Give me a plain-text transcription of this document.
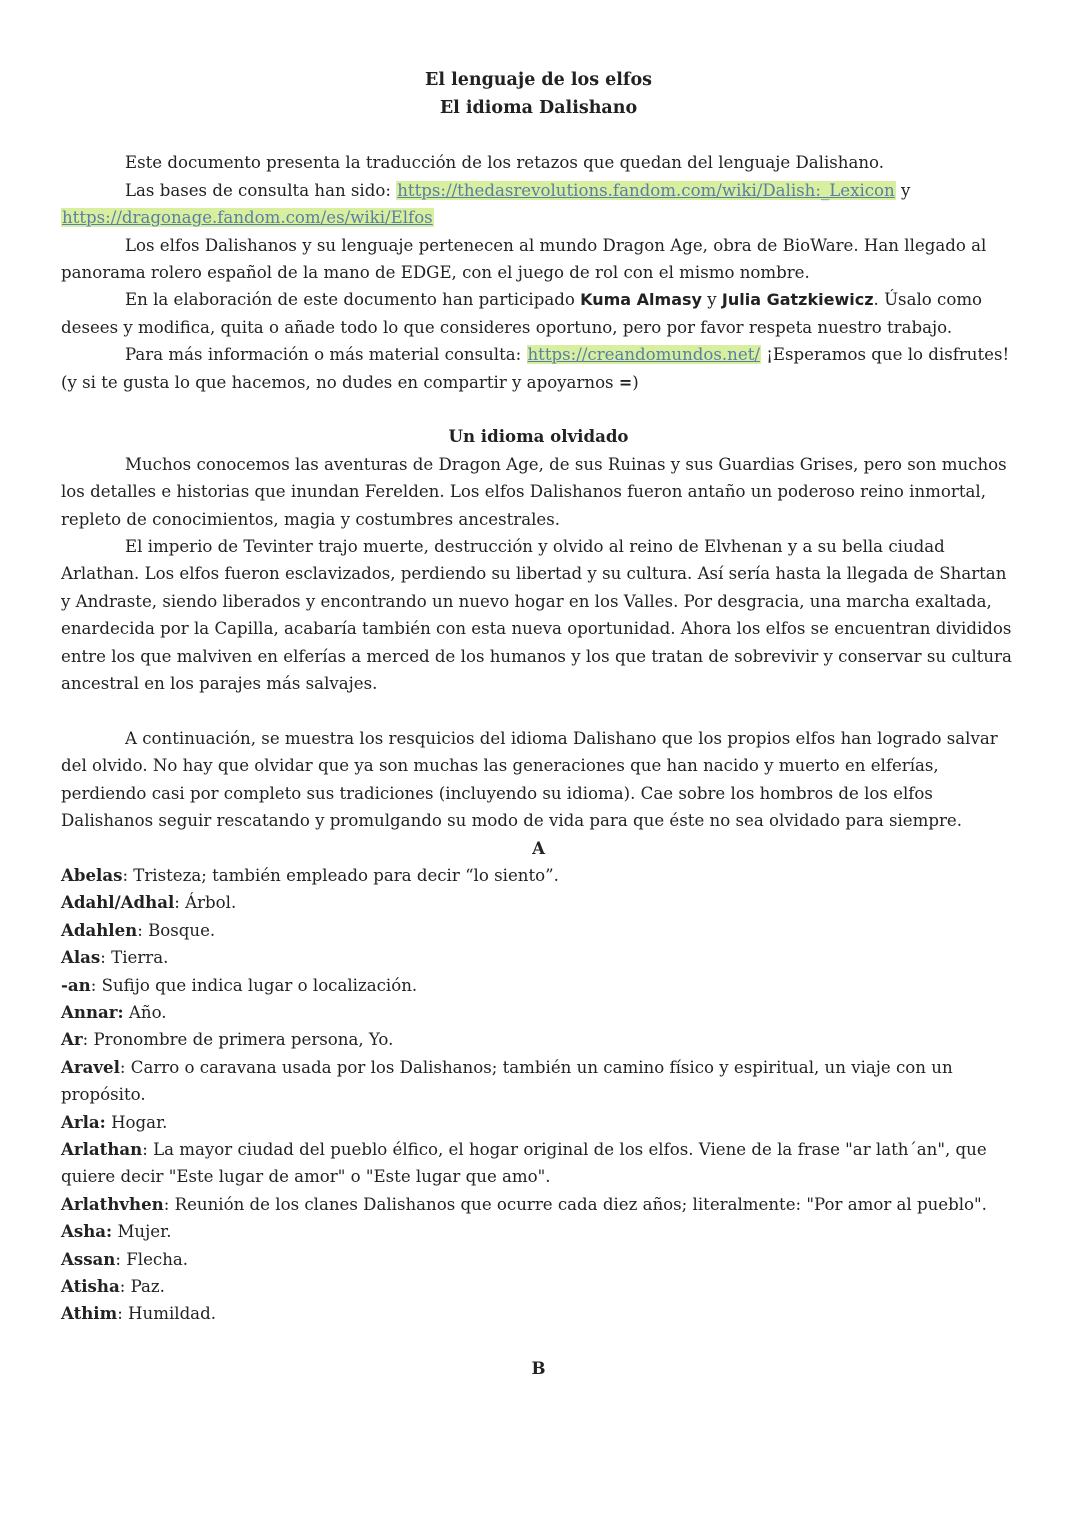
El lenguaje de los elfos

El idioma Dalishano

Este documento presenta la traducción de los retazos que quedan del lenguaje Dalishano.

Las bases de consulta han sido: https://thedasrevolutions.fandom.com/wiki/Dalish:_Lexicon y https://dragonage.fandom.com/es/wiki/Elfos

Los elfos Dalishanos y su lenguaje pertenecen al mundo Dragon Age, obra de BioWare. Han llegado al panorama rolero español de la mano de EDGE, con el juego de rol con el mismo nombre.

En la elaboración de este documento han participado Kuma Almasy y Julia Gatzkiewicz. Úsalo como desees y modifica, quita o añade todo lo que consideres oportuno, pero por favor respeta nuestro trabajo.

Para más información o más material consulta: https://creandomundos.net/ ¡Esperamos que lo disfrutes! (y si te gusta lo que hacemos, no dudes en compartir y apoyarnos =)

Un idioma olvidado

Muchos conocemos las aventuras de Dragon Age, de sus Ruinas y sus Guardias Grises, pero son muchos los detalles e historias que inundan Ferelden. Los elfos Dalishanos fueron antaño un poderoso reino inmortal, repleto de conocimientos, magia y costumbres ancestrales.

El imperio de Tevinter trajo muerte, destrucción y olvido al reino de Elvhenan y a su bella ciudad Arlathan. Los elfos fueron esclavizados, perdiendo su libertad y su cultura. Así sería hasta la llegada de Shartan y Andraste, siendo liberados y encontrando un nuevo hogar en los Valles. Por desgracia, una marcha exaltada, enardecida por la Capilla, acabaría también con esta nueva oportunidad. Ahora los elfos se encuentran divididos entre los que malviven en elferías a merced de los humanos y los que tratan de sobrevivir y conservar su cultura ancestral en los parajes más salvajes.

A continuación, se muestra los resquicios del idioma Dalishano que los propios elfos han logrado salvar del olvido. No hay que olvidar que ya son muchas las generaciones que han nacido y muerto en elferías, perdiendo casi por completo sus tradiciones (incluyendo su idioma). Cae sobre los hombros de los elfos Dalishanos seguir rescatando y promulgando su modo de vida para que éste no sea olvidado para siempre.

A

Abelas: Tristeza; también empleado para decir “lo siento”.

Adahl/Adhal: Árbol.

Adahlen: Bosque.

Alas: Tierra.

-an: Sufijo que indica lugar o localización.

Annar: Año.

Ar: Pronombre de primera persona, Yo.

Aravel: Carro o caravana usada por los Dalishanos; también un camino físico y espiritual, un viaje con un propósito.

Arla: Hogar.

Arlathan: La mayor ciudad del pueblo élfico, el hogar original de los elfos. Viene de la frase "ar lath´an", que quiere decir "Este lugar de amor" o "Este lugar que amo".

Arlathvhen: Reunión de los clanes Dalishanos que ocurre cada diez años; literalmente: "Por amor al pueblo".

Asha: Mujer.

Assan: Flecha.

Atisha: Paz.

Athim: Humildad.

B
